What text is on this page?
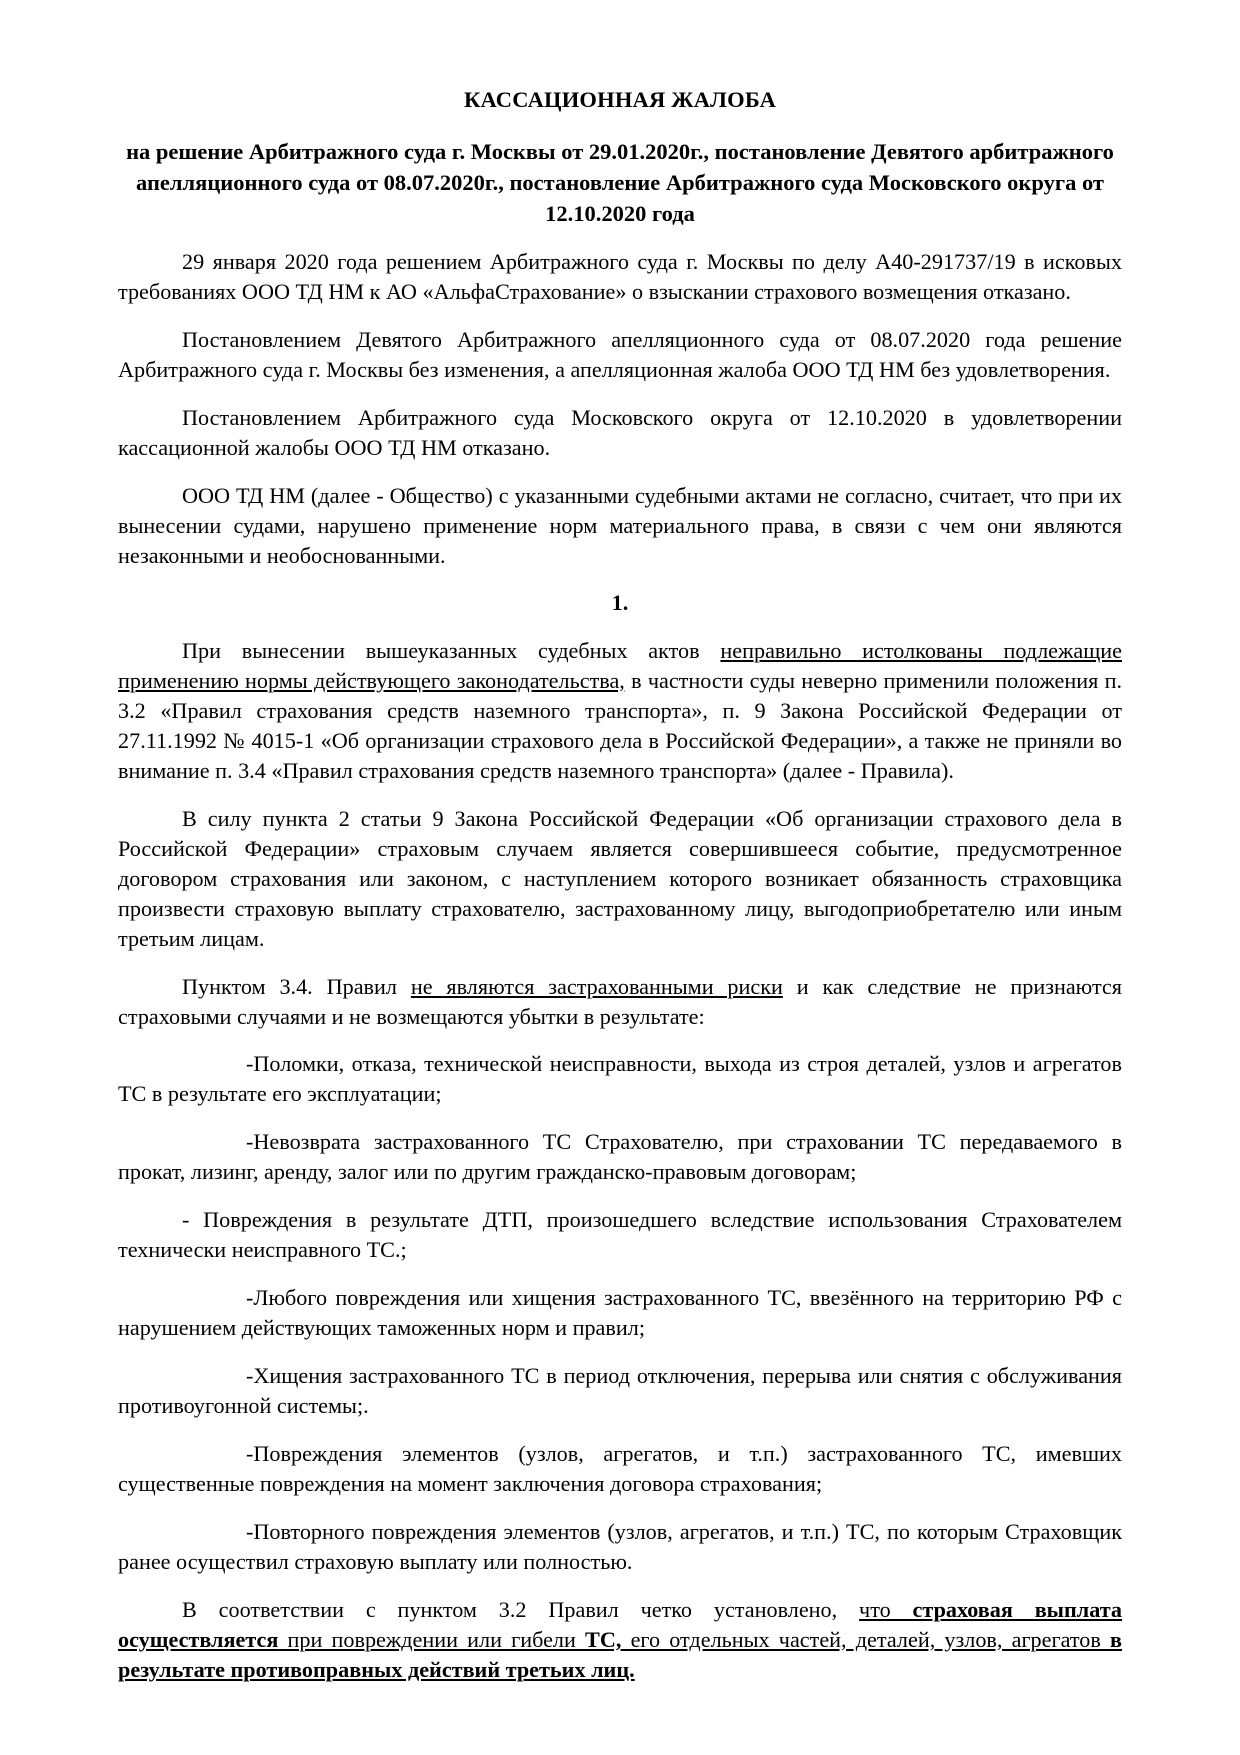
КАССАЦИОННАЯ ЖАЛОБА
на решение Арбитражного суда г. Москвы от 29.01.2020г., постановление Девятого арбитражного апелляционного суда от 08.07.2020г., постановление Арбитражного суда Московского округа от 12.10.2020 года

29 января 2020 года решением Арбитражного суда г. Москвы по делу А40-291737/19 в исковых требованиях ООО ТД НМ к АО «АльфаСтрахование» о взыскании страхового возмещения отказано.

Постановлением Девятого Арбитражного апелляционного суда от 08.07.2020 года решение Арбитражного суда г. Москвы без изменения, а апелляционная жалоба ООО ТД НМ без удовлетворения.

Постановлением Арбитражного суда Московского округа от 12.10.2020 в удовлетворении кассационной жалобы ООО ТД НМ отказано.

ООО ТД НМ (далее - Общество) с указанными судебными актами не согласно, считает, что при их вынесении судами, нарушено применение норм материального права, в связи с чем они являются незаконными и необоснованными.

1.

При вынесении вышеуказанных судебных актов неправильно истолкованы подлежащие применению нормы действующего законодательства, в частности суды неверно применили положения п. 3.2 «Правил страхования средств наземного транспорта», п. 9 Закона Российской Федерации от 27.11.1992 № 4015-1 «Об организации страхового дела в Российской Федерации», а также не приняли во внимание п. 3.4 «Правил страхования средств наземного транспорта» (далее - Правила).

В силу пункта 2 статьи 9 Закона Российской Федерации «Об организации страхового дела в Российской Федерации» страховым случаем является совершившееся событие, предусмотренное договором страхования или законом, с наступлением которого возникает обязанность страховщика произвести страховую выплату страхователю, застрахованному лицу, выгодоприобретателю или иным третьим лицам.

Пунктом 3.4. Правил не являются застрахованными риски и как следствие не признаются страховыми случаями и не возмещаются убытки в результате:

-Поломки, отказа, технической неисправности, выхода из строя деталей, узлов и агрегатов ТС в результате его эксплуатации;

-Невозврата застрахованного ТС Страхователю, при страховании ТС передаваемого в прокат, лизинг, аренду, залог или по другим гражданско-правовым договорам;

- Повреждения в результате ДТП, произошедшего вследствие использования Страхователем технически неисправного ТС.;

-Любого повреждения или хищения застрахованного ТС, ввезённого на территорию РФ с нарушением действующих таможенных норм и правил;

-Хищения застрахованного ТС в период отключения, перерыва или снятия с обслуживания противоугонной системы;.

-Повреждения элементов (узлов, агрегатов, и т.п.) застрахованного ТС, имевших существенные повреждения на момент заключения договора страхования;

-Повторного повреждения элементов (узлов, агрегатов, и т.п.) ТС, по которым Страховщик ранее осуществил страховую выплату или полностью.

В соответствии с пунктом 3.2 Правил четко установлено, что страховая выплата осуществляется при повреждении или гибели ТС, его отдельных частей, деталей, узлов, агрегатов в результате противоправных действий третьих лиц.
